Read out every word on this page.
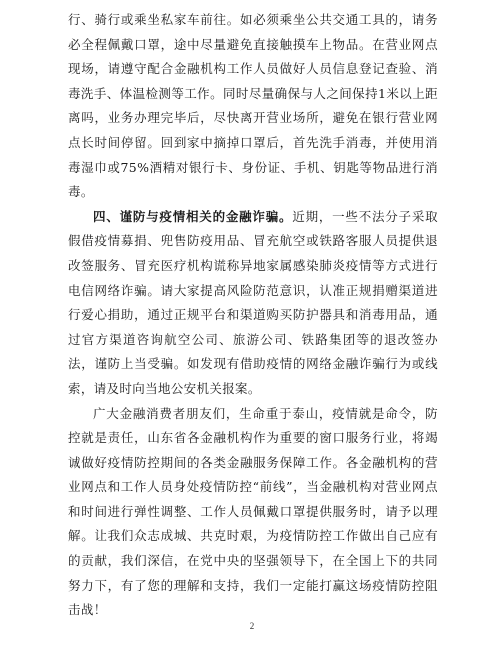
行、骑行或乘坐私家车前往。如必须乘坐公共交通工具的，请务必全程佩戴口罩，途中尽量避免直接触摸车上物品。在营业网点现场，请遵守配合金融机构工作人员做好人员信息登记查验、消毒洗手、体温检测等工作。同时尽量确保与人之间保持1米以上距离吗，业务办理完毕后，尽快离开营业场所，避免在银行营业网点长时间停留。回到家中摘掉口罩后，首先洗手消毒，并使用消毒湿巾或75%酒精对银行卡、身份证、手机、钥匙等物品进行消毒。

四、谨防与疫情相关的金融诈骗。近期，一些不法分子采取假借疫情募捐、兜售防疫用品、冒充航空或铁路客服人员提供退改签服务、冒充医疗机构谎称异地家属感染肺炎疫情等方式进行电信网络诈骗。请大家提高风险防范意识，认准正规捐赠渠道进行爱心捐助，通过正规平台和渠道购买防护器具和消毒用品，通过官方渠道咨询航空公司、旅游公司、铁路集团等的退改签办法，谨防上当受骗。如发现有借助疫情的网络金融诈骗行为或线索，请及时向当地公安机关报案。

广大金融消费者朋友们，生命重于泰山，疫情就是命令，防控就是责任，山东省各金融机构作为重要的窗口服务行业，将竭诚做好疫情防控期间的各类金融服务保障工作。各金融机构的营业网点和工作人员身处疫情防控“前线”，当金融机构对营业网点和时间进行弹性调整、工作人员佩戴口罩提供服务时，请予以理解。让我们众志成城、共克时艰，为疫情防控工作做出自己应有的贡献，我们深信，在党中央的坚强领导下，在全国上下的共同努力下，有了您的理解和支持，我们一定能打赢这场疫情防控阻击战！

2
